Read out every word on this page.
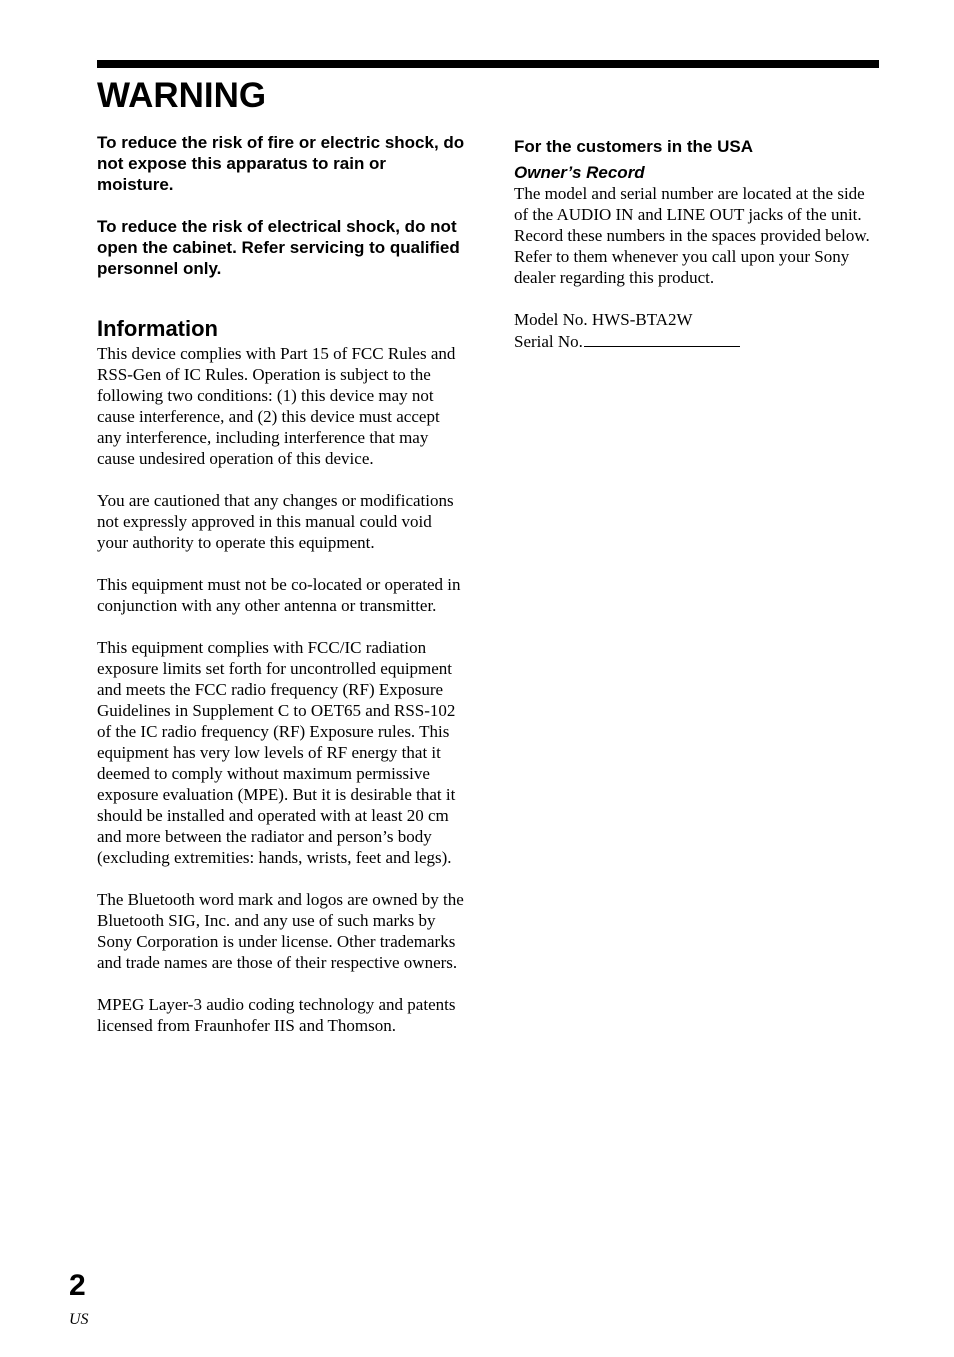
WARNING

To reduce the risk of fire or electric shock, do not expose this apparatus to rain or moisture.

To reduce the risk of electrical shock, do not open the cabinet. Refer servicing to qualified personnel only.

Information

This device complies with Part 15 of FCC Rules and RSS-Gen of IC Rules. Operation is subject to the following two conditions: (1) this device may not cause interference, and (2) this device must accept any interference, including interference that may cause undesired operation of this device.

You are cautioned that any changes or modifications not expressly approved in this manual could void your authority to operate this equipment.

This equipment must not be co-located or operated in conjunction with any other antenna or transmitter.

This equipment complies with FCC/IC radiation exposure limits set forth for uncontrolled equipment and meets the FCC radio frequency (RF) Exposure Guidelines in Supplement C to OET65 and RSS-102 of the IC radio frequency (RF) Exposure rules. This equipment has very low levels of RF energy that it deemed to comply without maximum permissive exposure evaluation (MPE). But it is desirable that it should be installed and operated with at least 20 cm and more between the radiator and person’s body (excluding extremities: hands, wrists, feet and legs).

The Bluetooth word mark and logos are owned by the Bluetooth SIG, Inc. and any use of such marks by Sony Corporation is under license. Other trademarks and trade names are those of their respective owners.

MPEG Layer-3 audio coding technology and patents licensed from Fraunhofer IIS and Thomson.

For the customers in the USA

Owner’s Record

The model and serial number are located at the side of the AUDIO IN and LINE OUT jacks of the unit.

Record these numbers in the spaces provided below. Refer to them whenever you call upon your Sony dealer regarding this product.

Model No. HWS-BTA2W

Serial No.

2
US
